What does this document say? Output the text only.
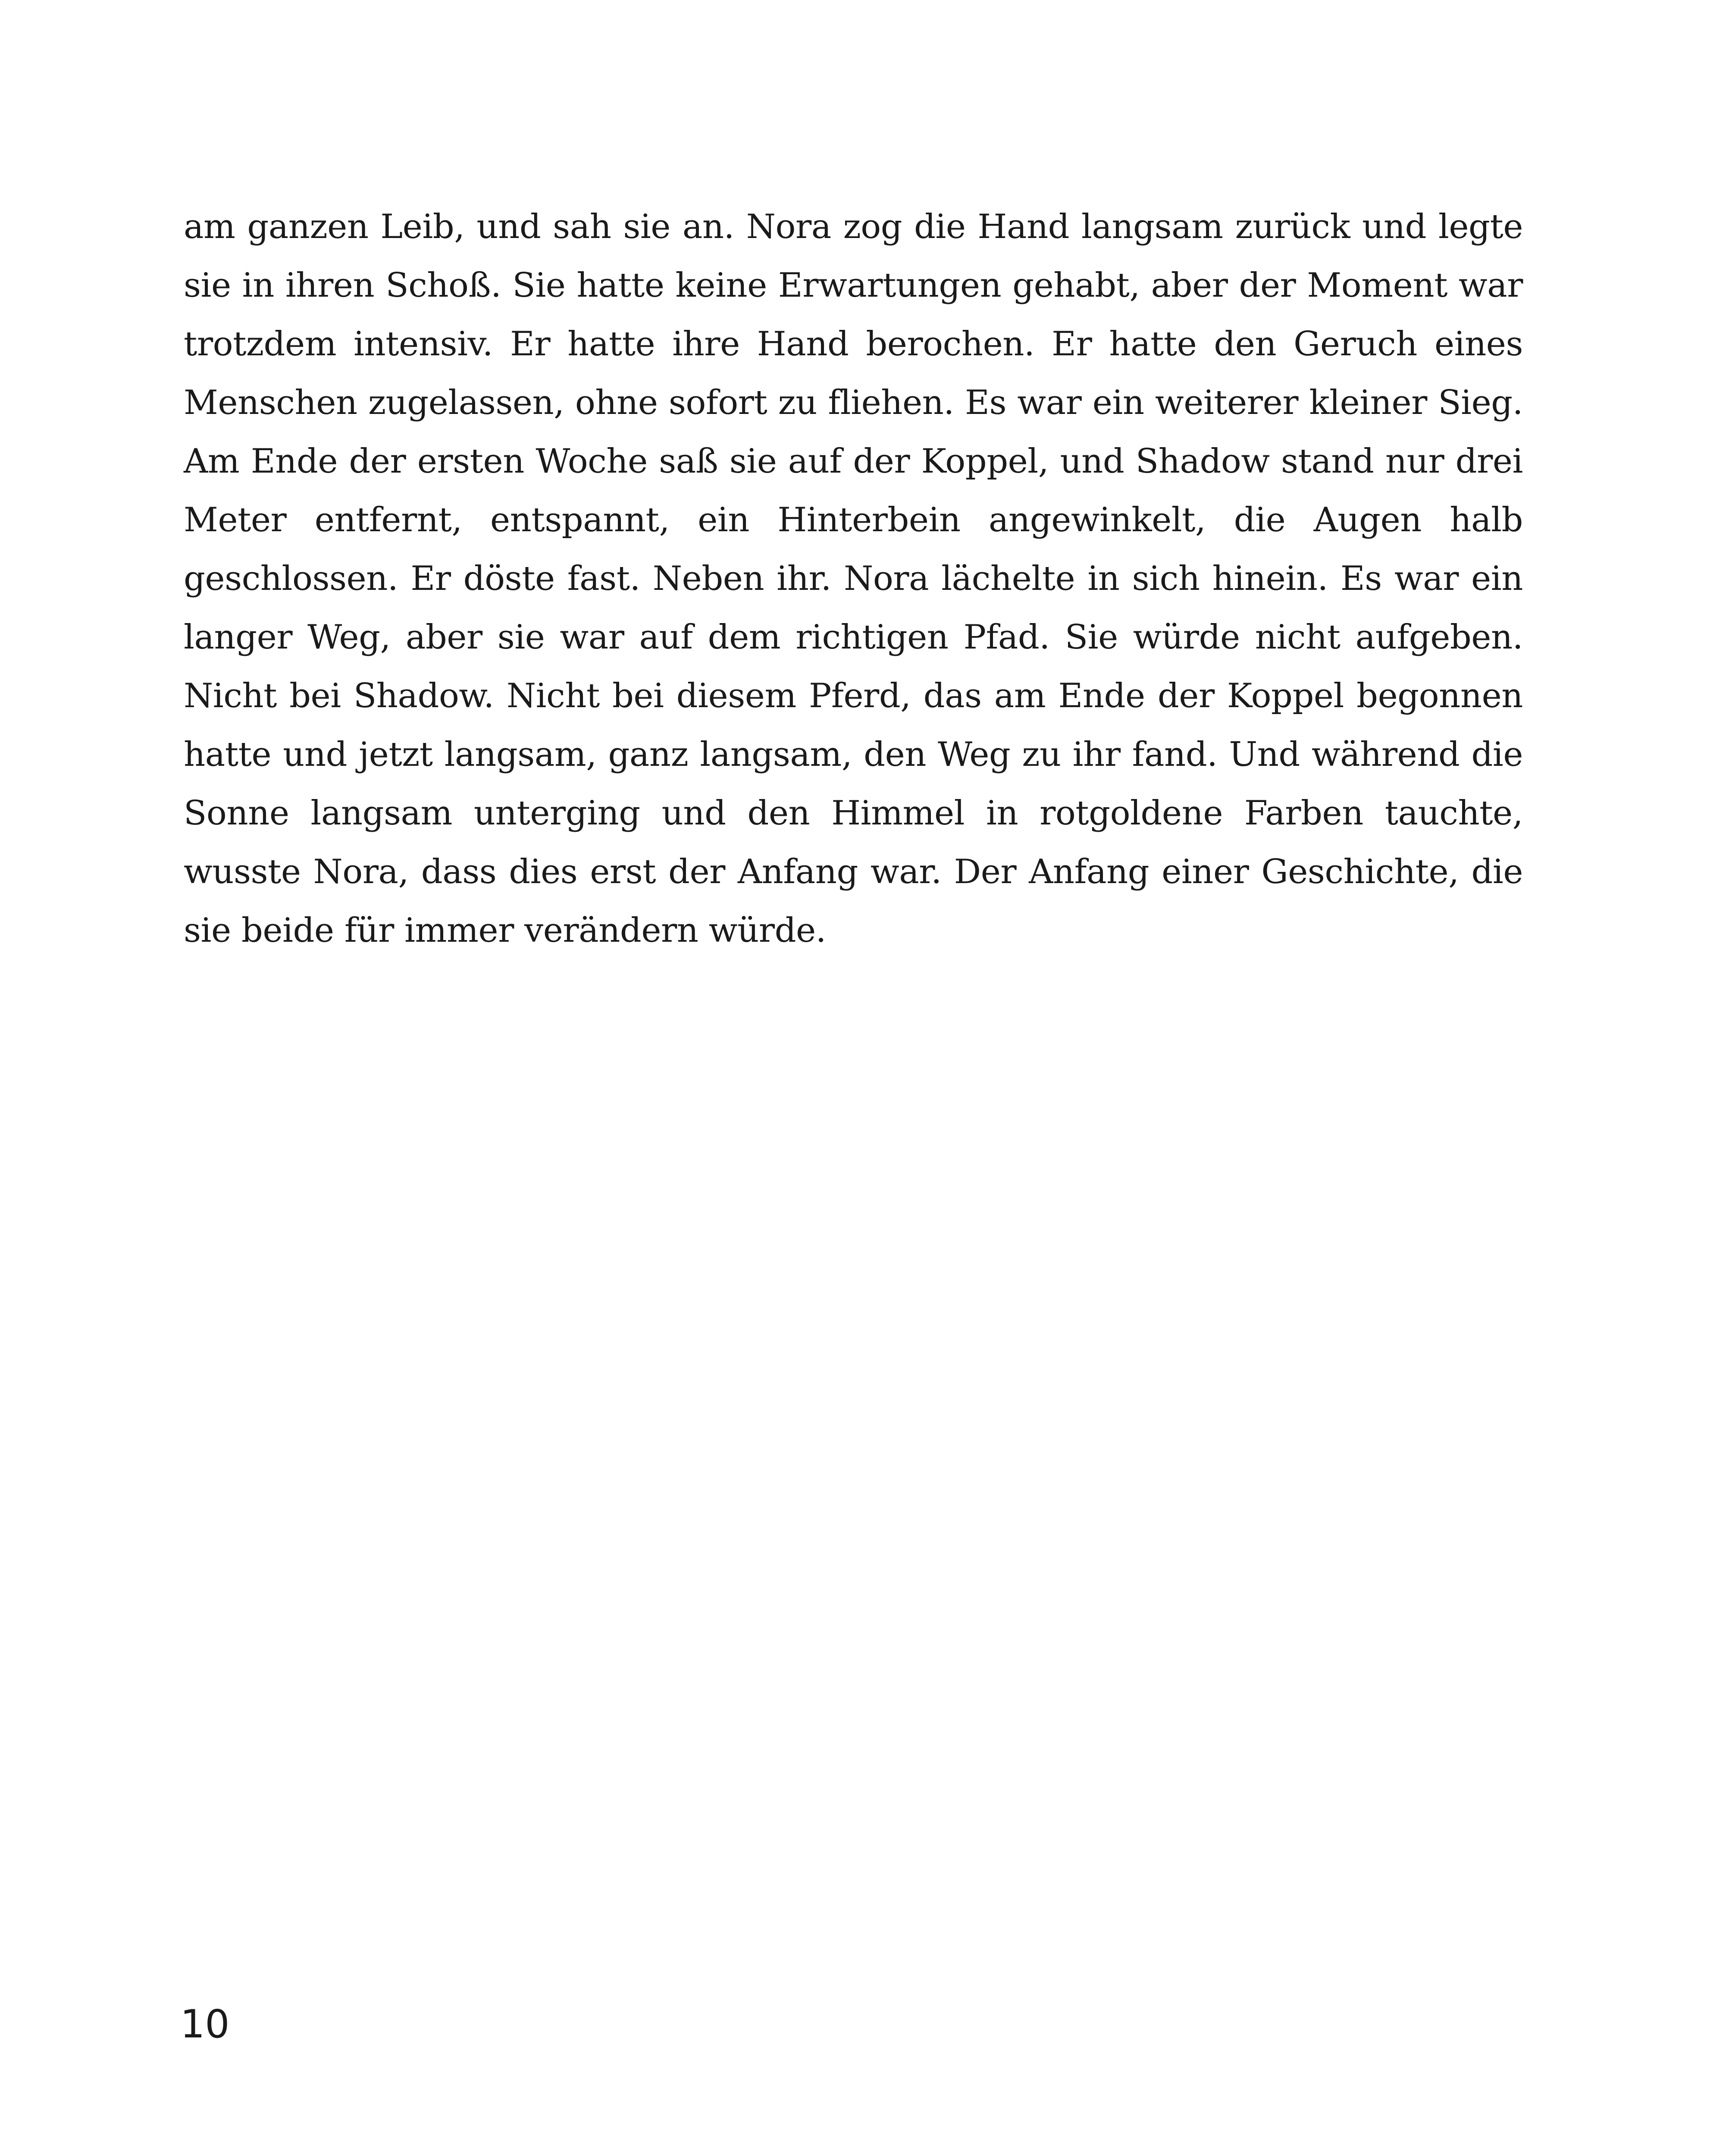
am ganzen Leib, und sah sie an. Nora zog die Hand langsam zurück und legte sie in ihren Schoß. Sie hatte keine Erwartungen gehabt, aber der Moment war trotzdem intensiv. Er hatte ihre Hand berochen. Er hatte den Geruch eines Menschen zugelassen, ohne sofort zu fliehen. Es war ein weiterer kleiner Sieg. Am Ende der ersten Woche saß sie auf der Koppel, und Shadow stand nur drei Meter entfernt, entspannt, ein Hinterbein angewinkelt, die Augen halb geschlossen. Er döste fast. Neben ihr. Nora lächelte in sich hinein. Es war ein langer Weg, aber sie war auf dem richtigen Pfad. Sie würde nicht aufgeben. Nicht bei Shadow. Nicht bei diesem Pferd, das am Ende der Koppel begonnen hatte und jetzt langsam, ganz langsam, den Weg zu ihr fand. Und während die Sonne langsam unterging und den Himmel in rotgoldene Farben tauchte, wusste Nora, dass dies erst der Anfang war. Der Anfang einer Geschichte, die sie beide für immer verändern würde.

10
